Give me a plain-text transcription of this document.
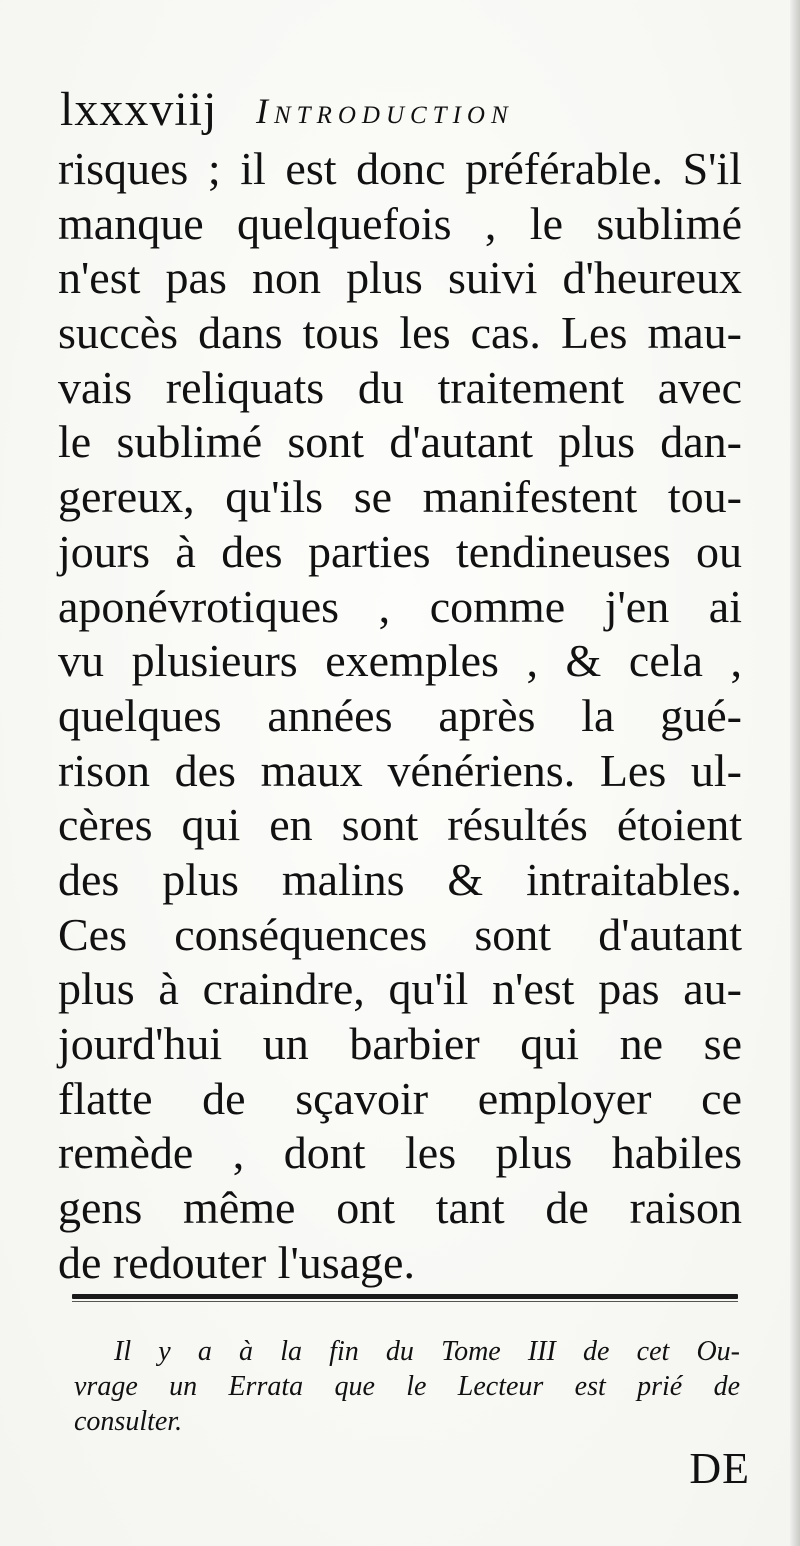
lxxxviij Introduction
risques ; il est donc préférable. S'il
manque quelquefois , le sublimé
n'est pas non plus suivi d'heureux
succès dans tous les cas. Les mau-
vais reliquats du traitement avec
le sublimé sont d'autant plus dan-
gereux, qu'ils se manifestent tou-
jours à des parties tendineuses ou
aponévrotiques , comme j'en ai
vu plusieurs exemples , & cela ,
quelques années après la gué-
rison des maux vénériens. Les ul-
cères qui en sont résultés étoient
des plus malins & intraitables.
Ces conséquences sont d'autant
plus à craindre, qu'il n'est pas au-
jourd'hui un barbier qui ne se
flatte de sçavoir employer ce
remède , dont les plus habiles
gens même ont tant de raison
de redouter l'usage.
Il y a à la fin du Tome III de cet Ou-
vrage un Errata que le Lecteur est prié de
consulter.
DE
